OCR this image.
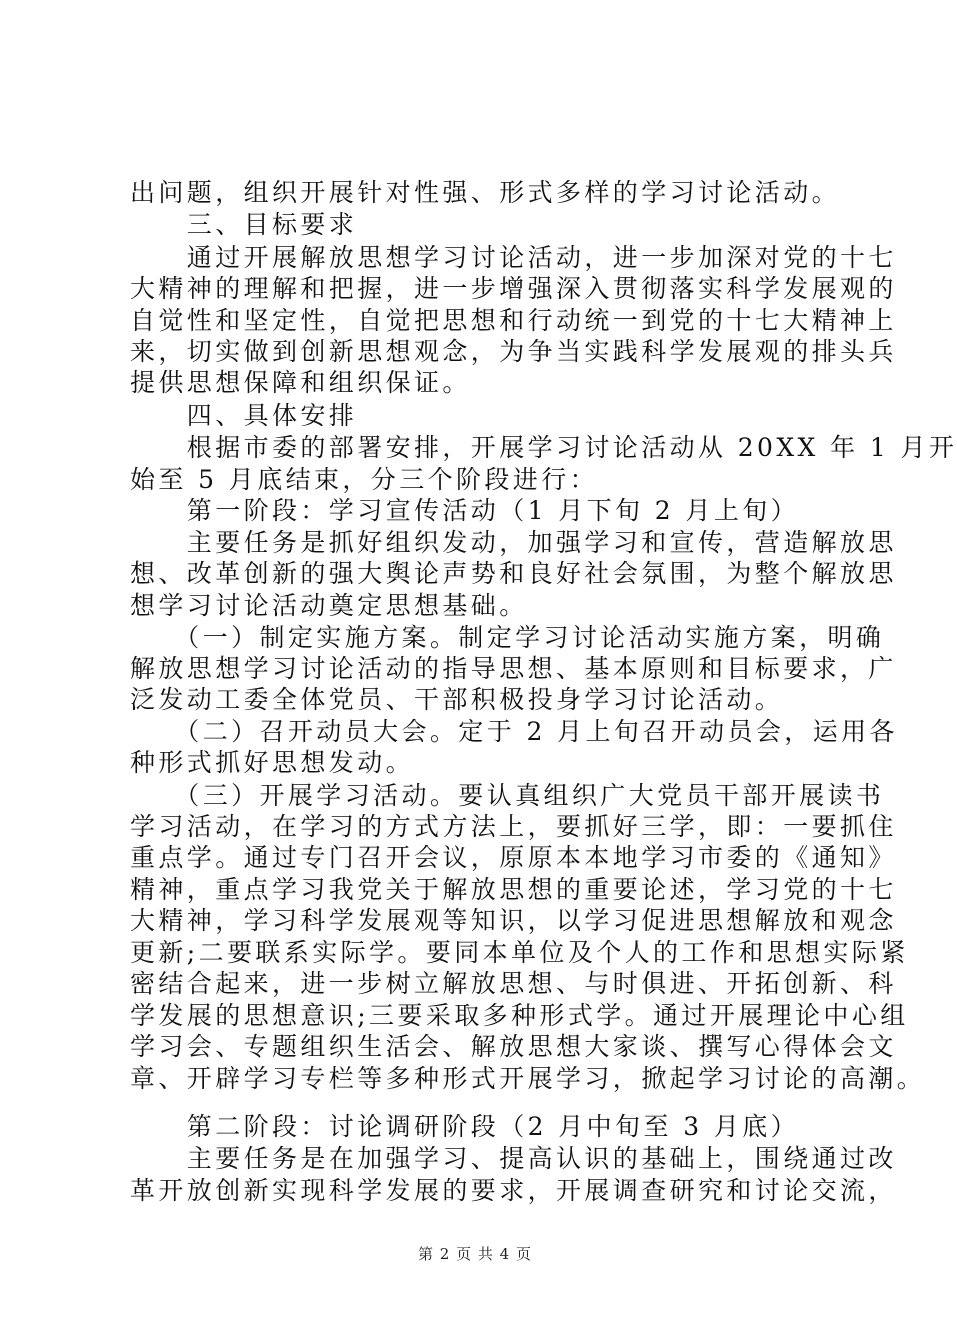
出问题，组织开展针对性强、形式多样的学习讨论活动。
　　三、目标要求
　　通过开展解放思想学习讨论活动，进一步加深对党的十七
大精神的理解和把握，进一步增强深入贯彻落实科学发展观的
自觉性和坚定性，自觉把思想和行动统一到党的十七大精神上
来，切实做到创新思想观念，为争当实践科学发展观的排头兵
提供思想保障和组织保证。
　　四、具体安排
　　根据市委的部署安排，开展学习讨论活动从 20XX 年 1 月开
始至 5 月底结束，分三个阶段进行：
　　第一阶段：学习宣传活动（1 月下旬 2 月上旬）
　　主要任务是抓好组织发动，加强学习和宣传，营造解放思
想、改革创新的强大舆论声势和良好社会氛围，为整个解放思
想学习讨论活动奠定思想基础。
　　（一）制定实施方案。制定学习讨论活动实施方案，明确
解放思想学习讨论活动的指导思想、基本原则和目标要求，广
泛发动工委全体党员、干部积极投身学习讨论活动。
　　（二）召开动员大会。定于 2 月上旬召开动员会，运用各
种形式抓好思想发动。
　　（三）开展学习活动。要认真组织广大党员干部开展读书
学习活动，在学习的方式方法上，要抓好三学，即：一要抓住
重点学。通过专门召开会议，原原本本地学习市委的《通知》
精神，重点学习我党关于解放思想的重要论述，学习党的十七
大精神，学习科学发展观等知识，以学习促进思想解放和观念
更新;二要联系实际学。要同本单位及个人的工作和思想实际紧
密结合起来，进一步树立解放思想、与时俱进、开拓创新、科
学发展的思想意识;三要采取多种形式学。通过开展理论中心组
学习会、专题组织生活会、解放思想大家谈、撰写心得体会文
章、开辟学习专栏等多种形式开展学习，掀起学习讨论的高潮。
　　第二阶段：讨论调研阶段（2 月中旬至 3 月底）
　　主要任务是在加强学习、提高认识的基础上，围绕通过改
革开放创新实现科学发展的要求，开展调查研究和讨论交流，
第 2 页 共 4 页
